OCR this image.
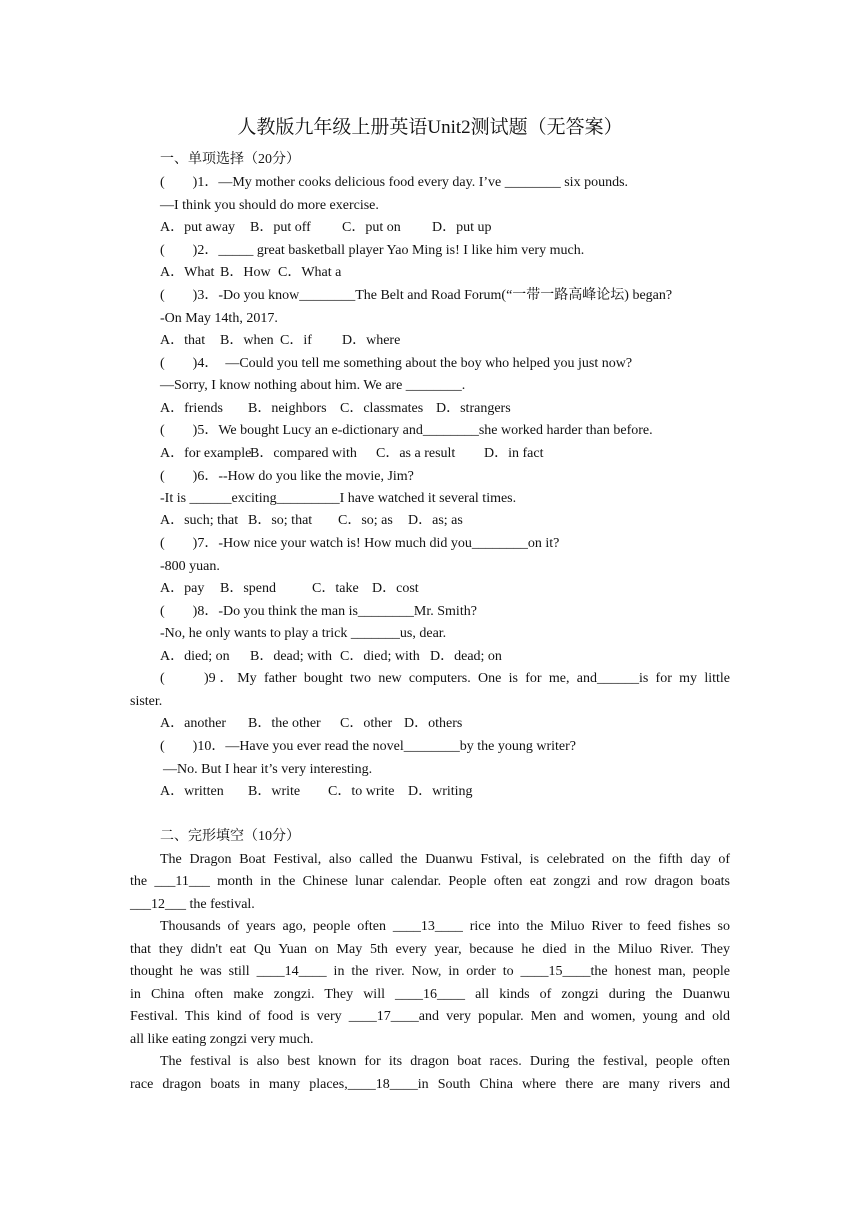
人教版九年级上册英语Unit2测试题（无答案）
一、单项选择（20分）
(　　)1．—My mother cooks delicious food every day. I’ve ________ six pounds.
—I think you should do more exercise.
A．put away B．put off C．put on D．put up
(　　)2．_____ great basketball player Yao Ming is! I like him very much.
A．What B．How C．What a
(　　)3．-Do you know________The Belt and Road Forum(“一带一路高峰论坛) began?
-On May 14th, 2017.
A．that B．when C．if D．where
(　　)4．　—Could you tell me something about the boy who helped you just now?
—Sorry, I know nothing about him. We are ________.
A．friends B．neighbors C．classmates D．strangers
(　　)5．We bought Lucy an e-dictionary and________she worked harder than before.
A．for exampleB．compared with C．as a result D．in fact
(　　)6．--How do you like the movie, Jim?
-It is ______exciting_________I have watched it several times.
A．such; that B．so; that C．so; as D．as; as
(　　)7．-How nice your watch is! How much did you________on it?
-800 yuan.
A．pay B．spend	C．take D．cost
(　　)8．-Do you think the man is________Mr. Smith?
-No, he only wants to play a trick _______us, dear.
A．died; on B．dead; with C．died; with D．dead; on
(　　)9．My father bought two new computers. One is for me, and______is for my little
sister.
A．another B．the other C．other D．others
(　　)10．—Have you ever read the novel________by the young writer?
—No. But I hear it’s very interesting.
A．written B．write C．to write D．writing
二、完形填空（10分）
The Dragon Boat Festival, also called the Duanwu Fstival, is celebrated on the fifth day of
the ___11___ month in the Chinese lunar calendar. People often eat zongzi and row dragon boats
___12___ the festival.
Thousands of years ago, people often ____13____ rice into the Miluo River to feed fishes so
that they didn't eat Qu Yuan on May 5th every year, because he died in the Miluo River. They
thought he was still ____14____ in the river. Now, in order to ____15____the honest man, people
in China often make zongzi. They will ____16____ all kinds of zongzi during the Duanwu
Festival. This kind of food is very ____17____and very popular. Men and women, young and old
all like eating zongzi very much.
The festival is also best known for its dragon boat races. During the festival, people often
race dragon boats in many places,____18____in South China where there are many rivers and
